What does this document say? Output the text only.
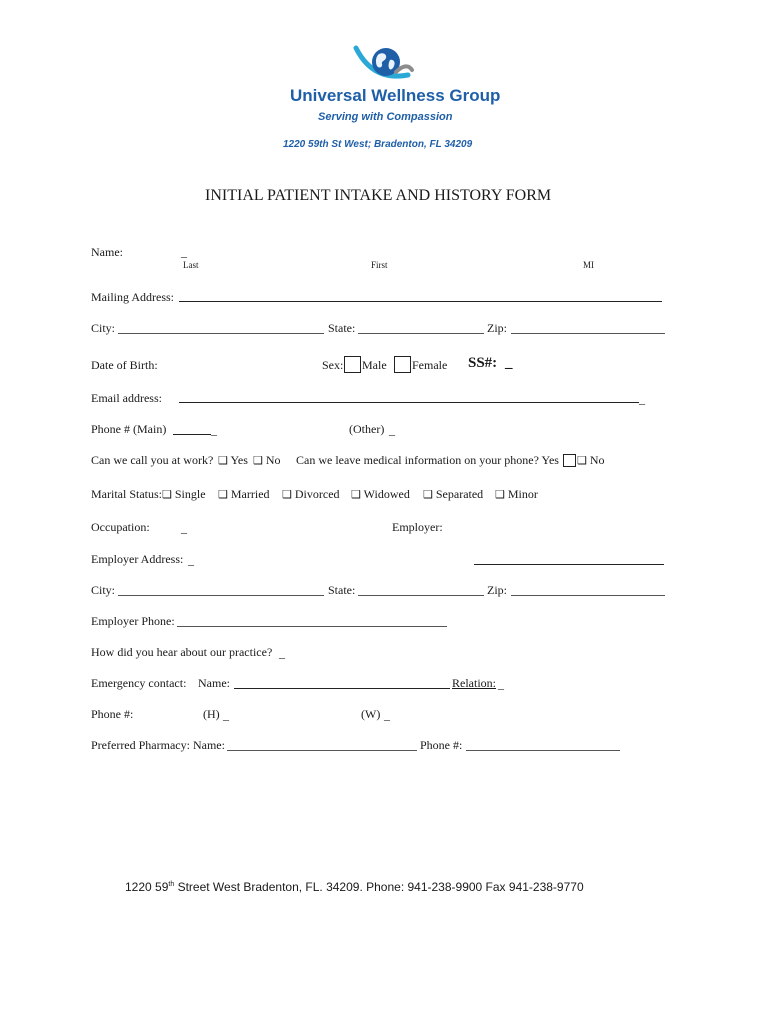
Universal Wellness Group
Serving with Compassion
1220 59th St West; Bradenton, FL 34209
INITIAL PATIENT INTAKE AND HISTORY FORM
Name:	_
Last	First	MI
Mailing Address:
City:	State:	Zip:
Date of Birth:	Sex: Male Female SS#: _
Email address:	_
Phone # (Main)	_	(Other) _
Can we call you at work? ❑ Yes ❑ No Can we leave medical information on your phone? Yes ❑ No
Marital Status: ❑ Single ❑ Married ❑ Divorced ❑ Widowed ❑ Separated ❑ Minor
Occupation:	_	Employer:
Employer Address: _
City:	State:	Zip:
Employer Phone:
How did you hear about our practice? _
Emergency contact: Name:	Relation: _
Phone #:	(H) _	(W) _
Preferred Pharmacy: Name:	Phone #:
1220 59th Street West Bradenton, FL. 34209. Phone: 941-238-9900 Fax 941-238-9770
